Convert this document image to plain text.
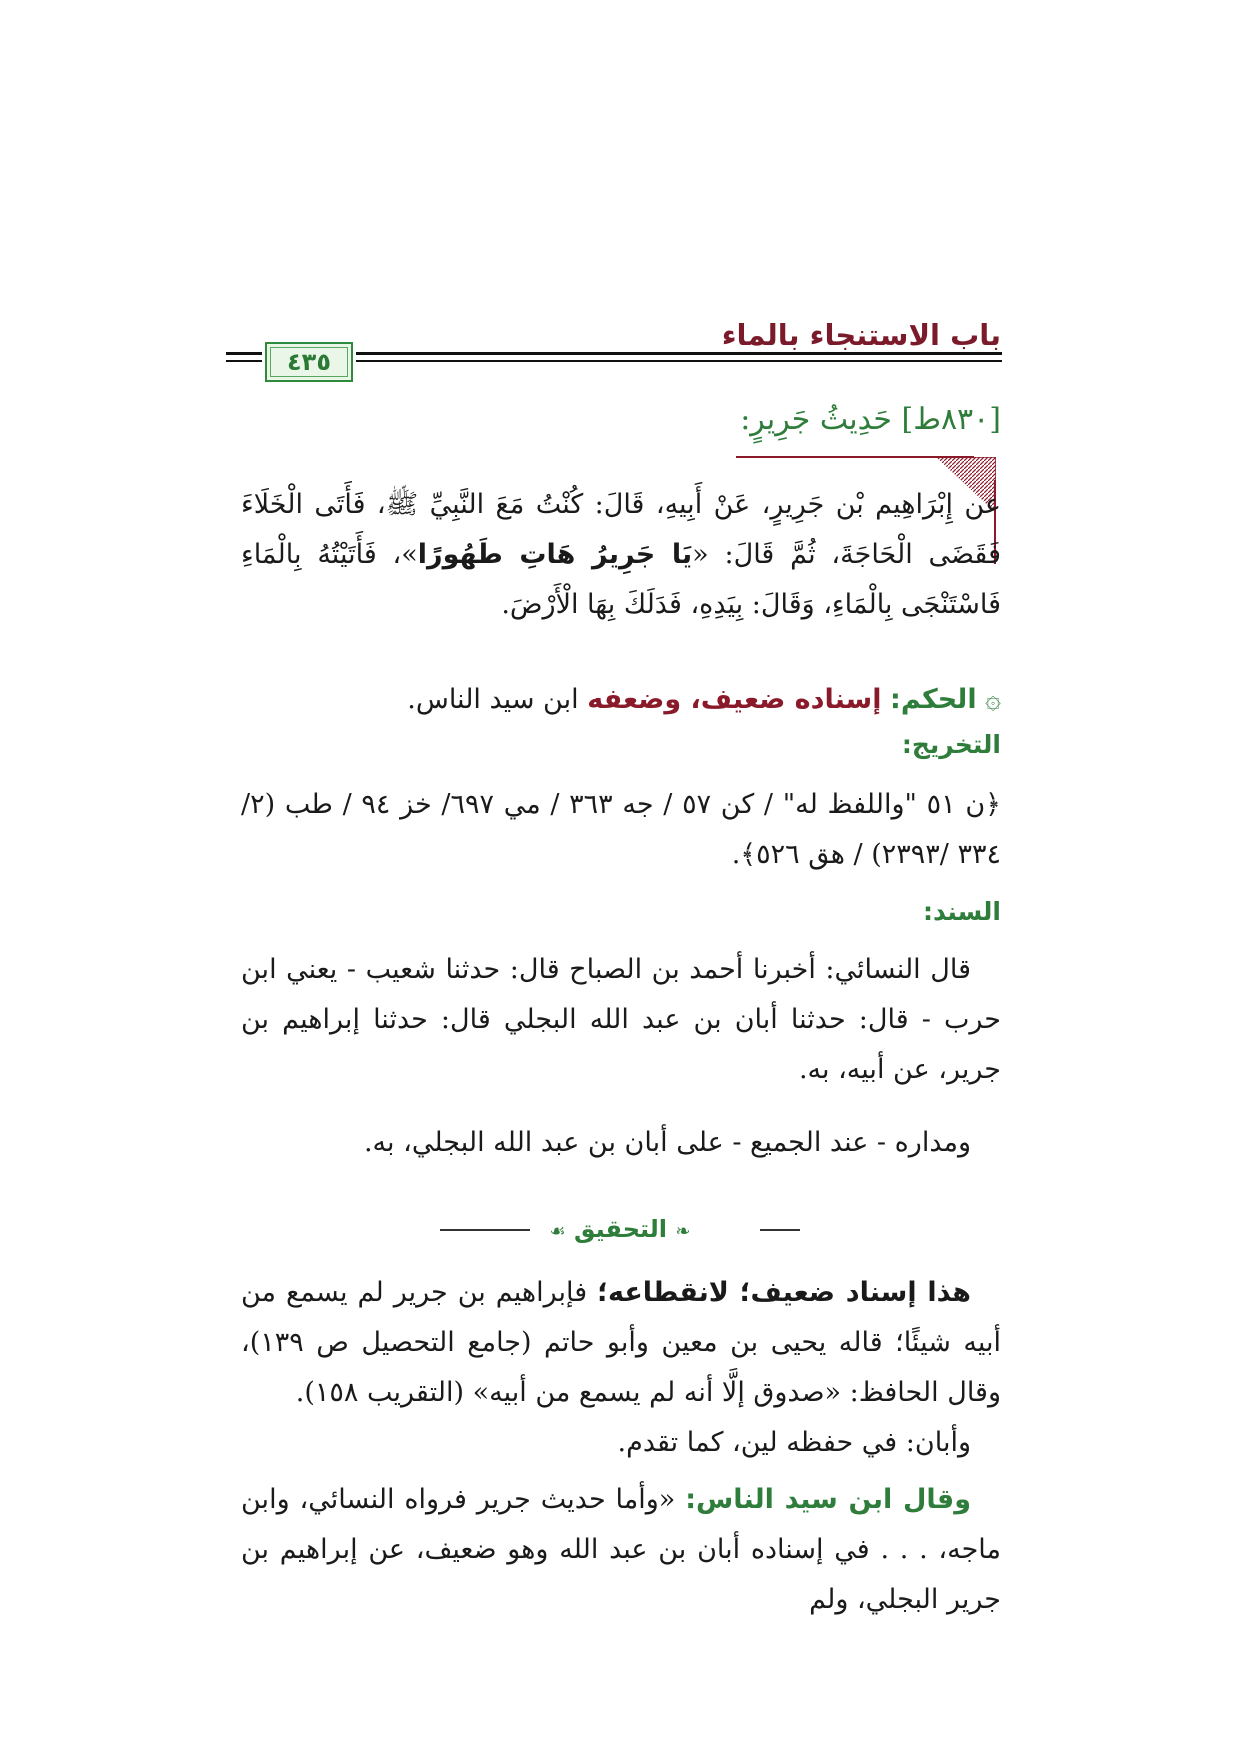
باب الاستنجاء بالماء
٤٣٥
[٨٣٠ط] حَدِيثُ جَرِيرٍ:
عن إِبْرَاهِيم بْن جَرِيرٍ، عَنْ أَبِيهِ، قَالَ: كُنْتُ مَعَ النَّبِيِّ ﷺ، فَأَتَى الْخَلَاءَ فَقَضَى الْحَاجَةَ، ثُمَّ قَالَ: «يَا جَرِيرُ هَاتِ طَهُورًا»، فَأَتَيْتُهُ بِالْمَاءِ فَاسْتَنْجَى بِالْمَاءِ، وَقَالَ: بِيَدِهِ، فَدَلَكَ بِهَا الْأَرْضَ.
۞ الحكم: إسناده ضعيف، وضعفه ابن سيد الناس.
التخريج:
﴿ن ٥١ "واللفظ له" / كن ٥٧ / جه ٣٦٣ / مي ٦٩٧/ خز ٩٤ / طب (٢/ ٣٣٤ /٢٣٩٣) / هق ٥٢٦﴾.
السند:
قال النسائي: أخبرنا أحمد بن الصباح قال: حدثنا شعيب - يعني ابن حرب - قال: حدثنا أبان بن عبد الله البجلي قال: حدثنا إبراهيم بن جرير، عن أبيه، به.
ومداره - عند الجميع - على أبان بن عبد الله البجلي، به.
❧ التحقيق ☙
هذا إسناد ضعيف؛ لانقطاعه؛ فإبراهيم بن جرير لم يسمع من أبيه شيئًا؛ قاله يحيى بن معين وأبو حاتم (جامع التحصيل ص ١٣٩)، وقال الحافظ: «صدوق إلَّا أنه لم يسمع من أبيه» (التقريب ١٥٨).
وأبان: في حفظه لين، كما تقدم.
وقال ابن سيد الناس: «وأما حديث جرير فرواه النسائي، وابن ماجه، . . . في إسناده أبان بن عبد الله وهو ضعيف، عن إبراهيم بن جرير البجلي، ولم
